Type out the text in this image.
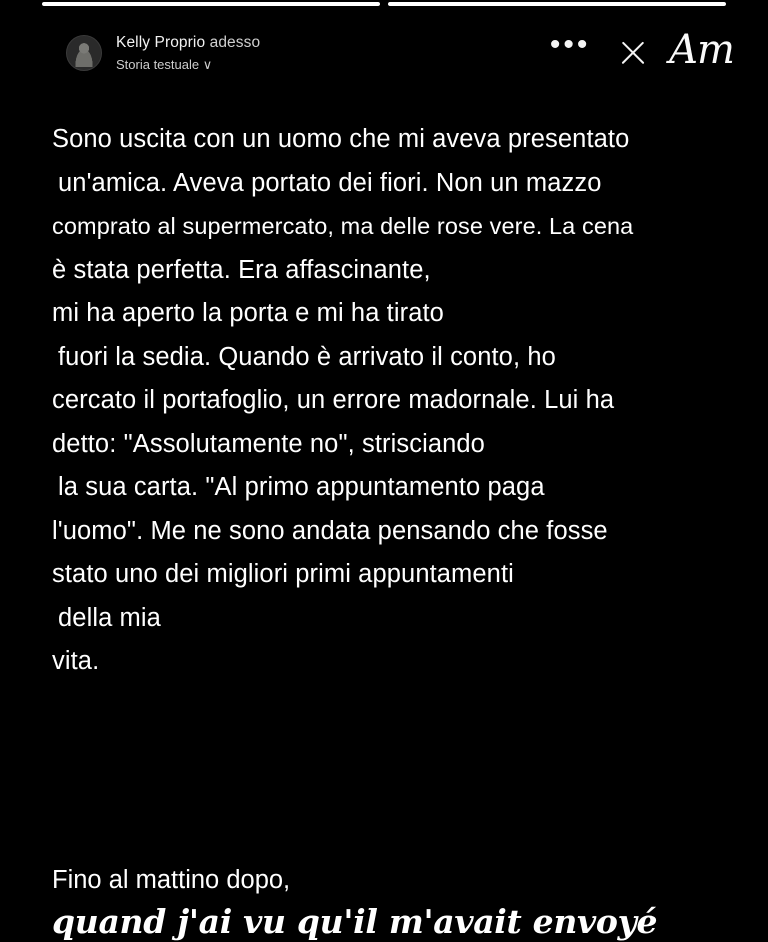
Kelly Proprio adesso
Storia testuale ∨
••• Am
Sono uscita con un uomo che mi aveva presentato
un'amica. Aveva portato dei fiori. Non un mazzo
comprato al supermercato, ma delle rose vere. La cena
è stata perfetta. Era affascinante,
mi ha aperto la porta e mi ha tirato
fuori la sedia. Quando è arrivato il conto, ho
cercato il portafoglio, un errore madornale. Lui ha
detto: "Assolutamente no", strisciando
la sua carta. "Al primo appuntamento paga
l'uomo". Me ne sono andata pensando che fosse
stato uno dei migliori primi appuntamenti
della mia
vita.
Fino al mattino dopo,
quand j'ai vu qu'il m'avait envoyé
